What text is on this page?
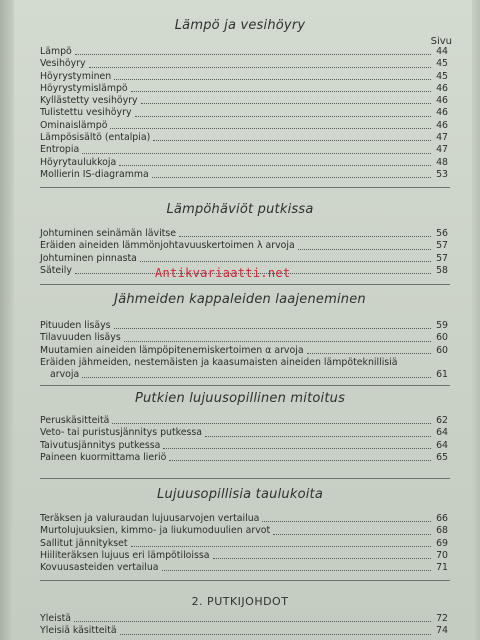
Lämpö ja vesihöyry
Sivu
Lämpö	44
Vesihöyry	45
Höyrystyminen	45
Höyrystymislämpö	46
Kyllästetty vesihöyry	46
Tulistettu vesihöyry	46
Ominaislämpö	46
Lämpösisältö (entalpia)	47
Entropia	47
Höyrytaulukkoja	48
Mollierin IS-diagramma	53
Lämpöhäviöt putkissa
Johtuminen seinämän lävitse	56
Eräiden aineiden lämmönjohtavuuskertoimen λ arvoja	57
Johtuminen pinnasta	57
Säteily	58
Jähmeiden kappaleiden laajeneminen
Pituuden lisäys	59
Tilavuuden lisäys	60
Muutamien aineiden lämpöpitenemiskertoimen α arvoja	60
Eräiden jähmeiden, nestemäisten ja kaasumaisten aineiden lämpöteknillisiä
arvoja	61
Putkien lujuusopillinen mitoitus
Peruskäsitteitä	62
Veto- tai puristusjännitys putkessa	64
Taivutusjännitys putkessa	64
Paineen kuormittama lieriö	65
Lujuusopillisia taulukoita
Teräksen ja valuraudan lujuusarvojen vertailua	66
Murtolujuuksien, kimmo- ja liukumoduulien arvot	68
Sallitut jännitykset	69
Hiiliteräksen lujuus eri lämpötiloissa	70
Kovuusasteiden vertailua	71
2. PUTKIJOHDOT
Yleistä	72
Yleisiä käsitteitä	74
Antikvariaatti.net
